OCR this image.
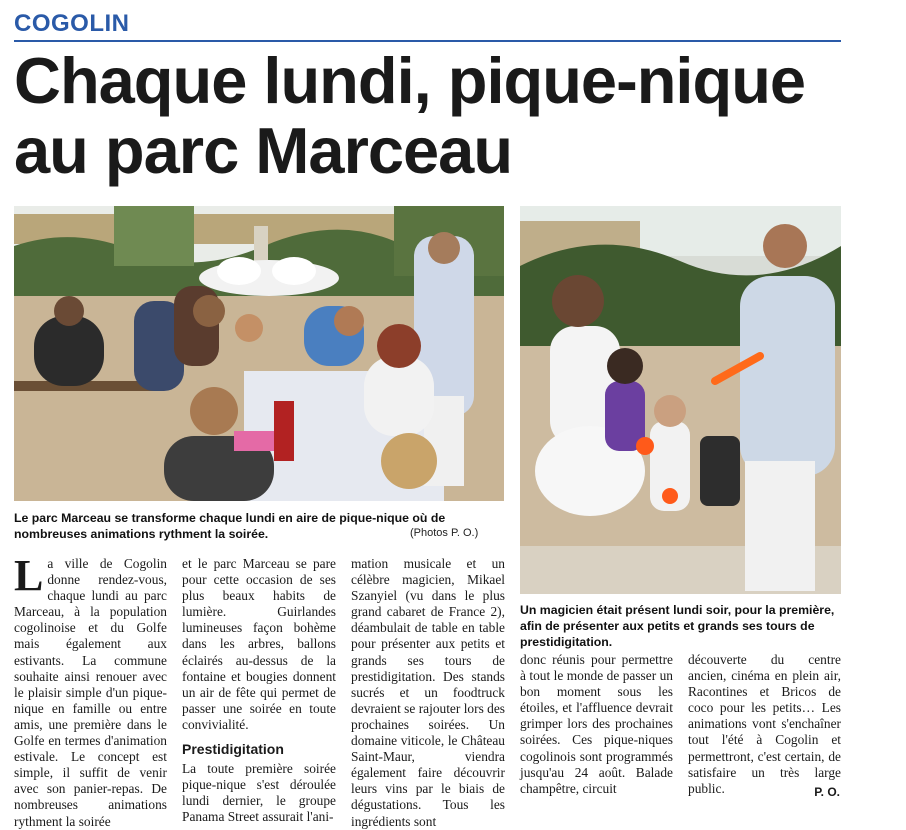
COGOLIN
Chaque lundi, pique-nique au parc Marceau
Le parc Marceau se transforme chaque lundi en aire de pique-nique où de nombreuses animations rythment la soirée.	(Photos P. O.)
Un magicien était présent lundi soir, pour la première, afin de présenter aux petits et grands ses tours de prestidigitation.
L a ville de Cogolin donne rendez-vous, chaque lundi au parc Marceau, à la population cogolinoise et du Golfe mais également aux estivants. La commune souhaite ainsi renouer avec le plaisir simple d'un pique-nique en famille ou entre amis, une première dans le Golfe en termes d'animation estivale. Le concept est simple, il suffit de venir avec son panier-repas. De nombreuses animations rythment la soirée

et le parc Marceau se pare pour cette occasion de ses plus beaux habits de lumière. Guirlandes lumineuses façon bohème dans les arbres, ballons éclairés au-dessus de la fontaine et bougies donnent un air de fête qui permet de passer une soirée en toute convivialité.

Prestidigitation

La toute première soirée pique-nique s'est déroulée lundi dernier, le groupe Panama Street assurait l'ani-

mation musicale et un célèbre magicien, Mikael Szanyiel (vu dans le plus grand cabaret de France 2), déambulait de table en table pour présenter aux petits et grands ses tours de prestidigitation. Des stands sucrés et un foodtruck devraient se rajouter lors des prochaines soirées. Un domaine viticole, le Château Saint-Maur, viendra également faire découvrir leurs vins par le biais de dégustations. Tous les ingrédients sont

donc réunis pour permettre à tout le monde de passer un bon moment sous les étoiles, et l'affluence devrait grimper lors des prochaines soirées. Ces pique-niques cogolinois sont programmés jusqu'au 24 août. Balade champêtre, circuit

découverte du centre ancien, cinéma en plein air, Racontines et Bricos de coco pour les petits… Les animations vont s'enchaîner tout l'été à Cogolin et permettront, c'est certain, de satisfaire un très large public.	P. O.
